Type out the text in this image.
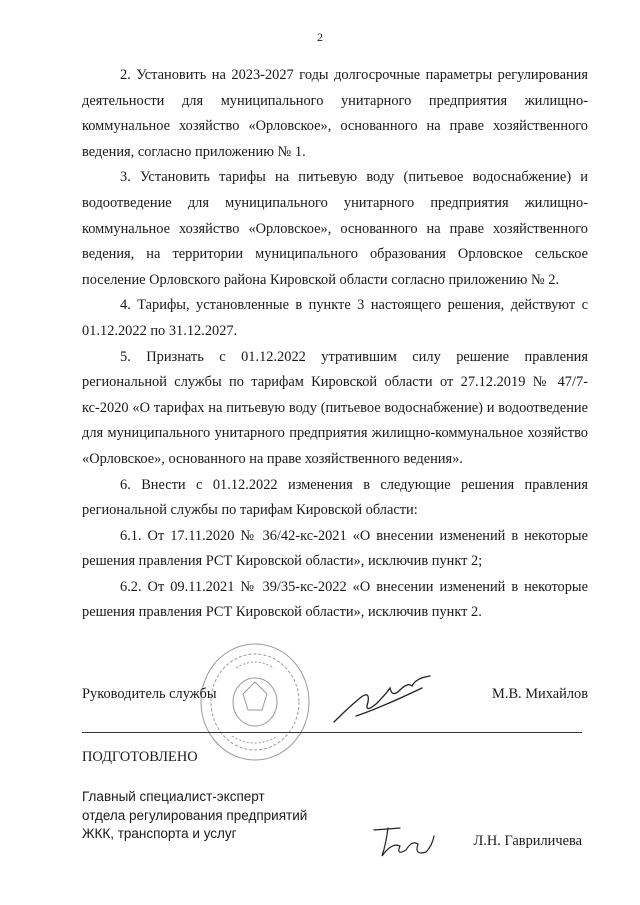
2

2. Установить на 2023-2027 годы долгосрочные параметры регулирования деятельности для муниципального унитарного предприятия жилищно-коммунальное хозяйство «Орловское», основанного на праве хозяйственного ведения, согласно приложению № 1.

3. Установить тарифы на питьевую воду (питьевое водоснабжение) и водоотведение для муниципального унитарного предприятия жилищно-коммунальное хозяйство «Орловское», основанного на праве хозяйственного ведения, на территории муниципального образования Орловское сельское поселение Орловского района Кировской области согласно приложению № 2.

4. Тарифы, установленные в пункте 3 настоящего решения, действуют с 01.12.2022 по 31.12.2027.

5. Признать с 01.12.2022 утратившим силу решение правления региональной службы по тарифам Кировской области от 27.12.2019 № 47/7-кс-2020 «О тарифах на питьевую воду (питьевое водоснабжение) и водоотведение для муниципального унитарного предприятия жилищно-коммунальное хозяйство «Орловское», основанного на праве хозяйственного ведения».

6. Внести с 01.12.2022 изменения в следующие решения правления региональной службы по тарифам Кировской области:

6.1. От 17.11.2020 № 36/42-кс-2021 «О внесении изменений в некоторые решения правления РСТ Кировской области», исключив пункт 2;

6.2. От 09.11.2021 № 39/35-кс-2022 «О внесении изменений в некоторые решения правления РСТ Кировской области», исключив пункт 2.

Руководитель службы	М.В. Михайлов
ПОДГОТОВЛЕНО
Главный специалист-эксперт
отдела регулирования предприятий
ЖКК, транспорта и услуг	Л.Н. Гавриличева
